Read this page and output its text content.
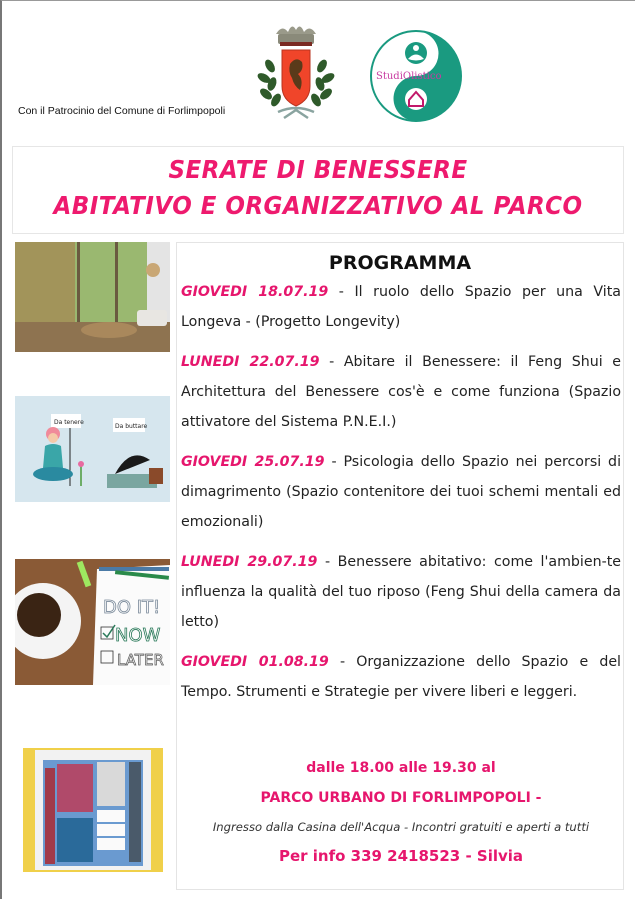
Con il Patrocinio del Comune di Forlimpopoli
StudiOlistico
SERATE DI BENESSERE
ABITATIVO E ORGANIZZATIVO AL PARCO
Da tenere
Da buttare
DO IT!
NOW
LATER
PROGRAMMA
GIOVEDI 18.07.19 - Il ruolo dello Spazio per una Vita Longeva - (Progetto Longevity)
LUNEDI 22.07.19 - Abitare il Benessere: il Feng Shui e Architettura del Benessere cos'è e come funziona (Spazio attivatore del Sistema P.N.E.I.)
GIOVEDI 25.07.19 - Psicologia dello Spazio nei percorsi di dimagrimento (Spazio contenitore dei tuoi schemi mentali ed emozionali)
LUNEDI 29.07.19 - Benessere abitativo: come l'ambien-te influenza la qualità del tuo riposo (Feng Shui della camera da letto)
GIOVEDI 01.08.19 - Organizzazione dello Spazio e del Tempo. Strumenti e Strategie per vivere liberi e leggeri.
dalle 18.00 alle 19.30 al
PARCO URBANO DI FORLIMPOPOLI -
Ingresso dalla Casina dell'Acqua - Incontri gratuiti e aperti a tutti
Per info 339 2418523 - Silvia
